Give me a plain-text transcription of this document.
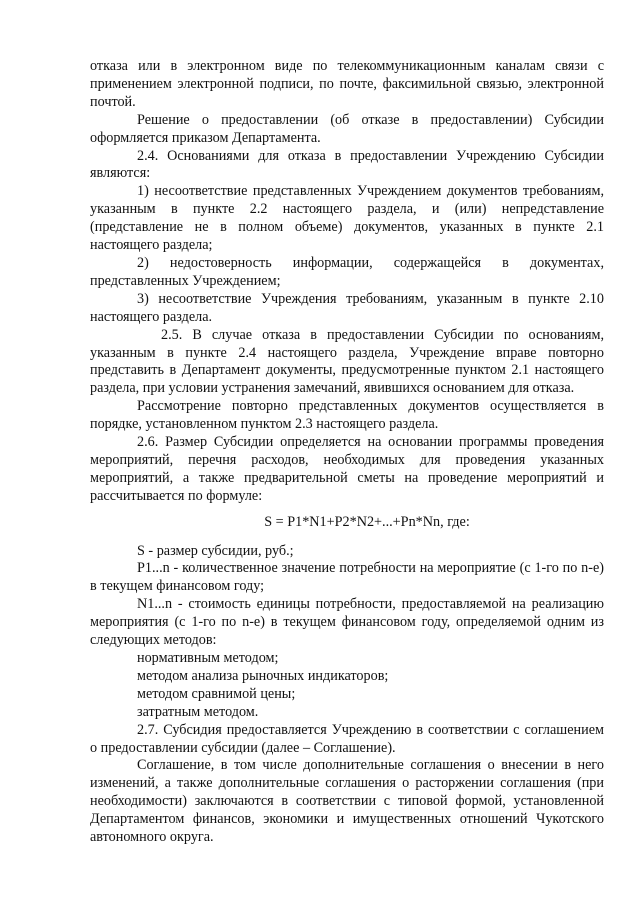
отказа или в электронном виде по телекоммуникационным каналам связи с применением электронной подписи, по почте, факсимильной связью, электронной почтой.

Решение о предоставлении (об отказе в предоставлении) Субсидии оформляется приказом Департамента.

2.4. Основаниями для отказа в предоставлении Учреждению Субсидии являются:

1) несоответствие представленных Учреждением документов требованиям, указанным в пункте 2.2 настоящего раздела, и (или) непредставление (представление не в полном объеме) документов, указанных в пункте 2.1 настоящего раздела;

2) недостоверность информации, содержащейся в документах, представленных Учреждением;

3) несоответствие Учреждения требованиям, указанным в пункте 2.10 настоящего раздела.

2.5. В случае отказа в предоставлении Субсидии по основаниям, указанным в пункте 2.4 настоящего раздела, Учреждение вправе повторно представить в Департамент документы, предусмотренные пунктом 2.1 настоящего раздела, при условии устранения замечаний, явившихся основанием для отказа.

Рассмотрение повторно представленных документов осуществляется в порядке, установленном пунктом 2.3 настоящего раздела.

2.6. Размер Субсидии определяется на основании программы проведения мероприятий, перечня расходов, необходимых для проведения указанных мероприятий, а также предварительной сметы на проведение мероприятий и рассчитывается по формуле:

S = P1*N1+P2*N2+...+Pn*Nn, где:

S - размер субсидии, руб.;

P1...n - количественное значение потребности на мероприятие (с 1-го по n-е) в текущем финансовом году;

N1...n - стоимость единицы потребности, предоставляемой на реализацию мероприятия (с 1-го по n-е) в текущем финансовом году, определяемой одним из следующих методов:

нормативным методом;

методом анализа рыночных индикаторов;

методом сравнимой цены;

затратным методом.

2.7. Субсидия предоставляется Учреждению в соответствии с соглашением о предоставлении субсидии (далее – Соглашение).

Соглашение, в том числе дополнительные соглашения о внесении в него изменений, а также дополнительные соглашения о расторжении соглашения (при необходимости) заключаются в соответствии с типовой формой, установленной Департаментом финансов, экономики и имущественных отношений Чукотского автономного округа.
